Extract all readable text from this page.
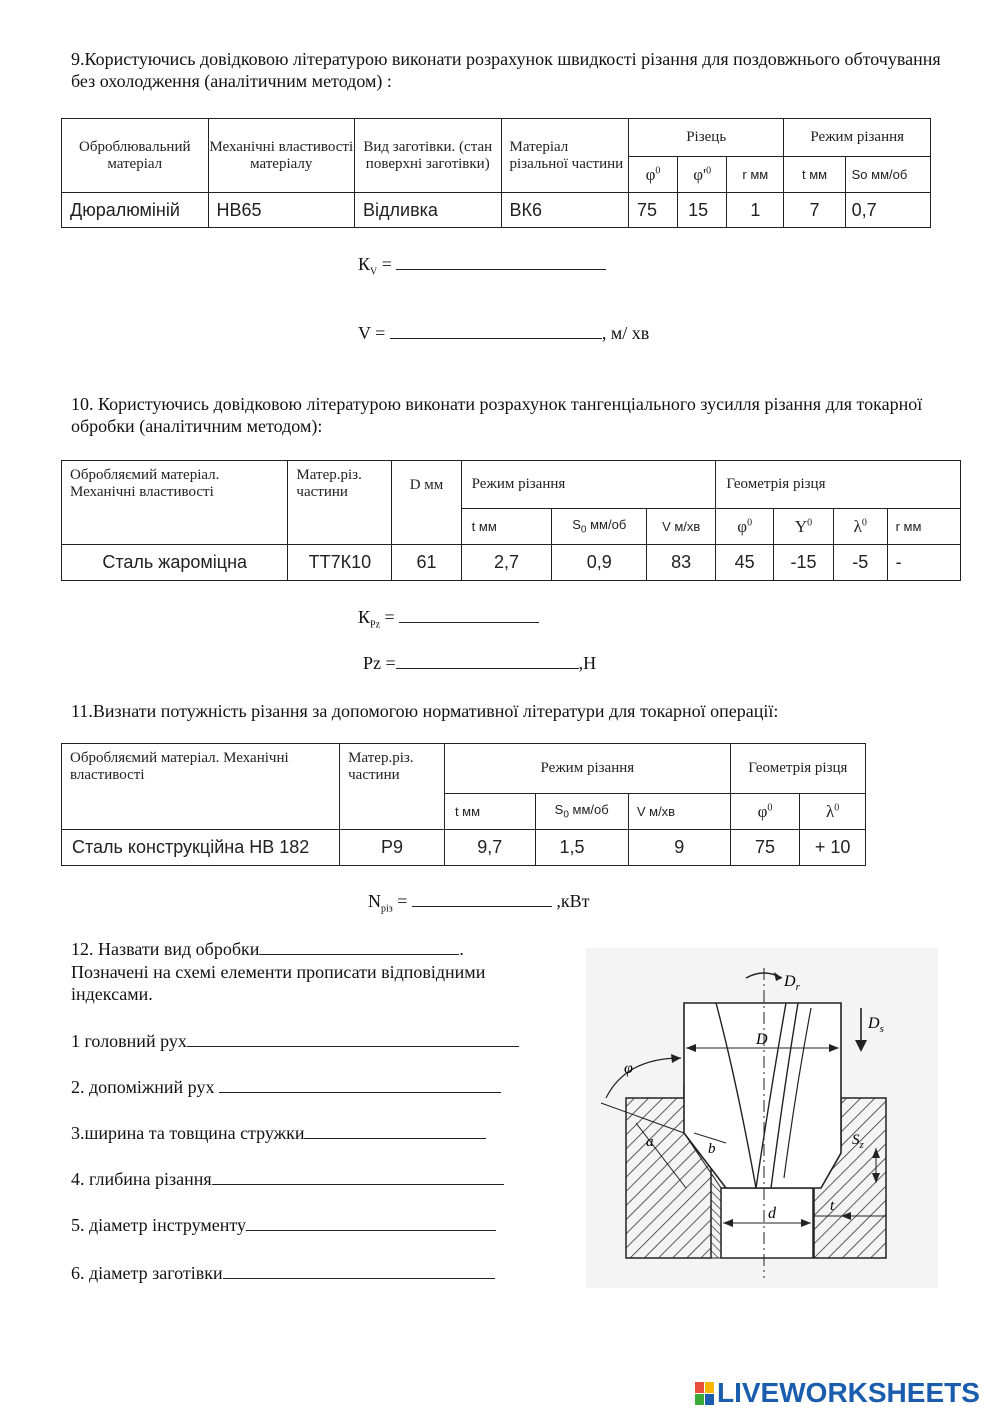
9.Користуючись довідковою літературою виконати розрахунок швидкості різання для поздовжнього обточування без охолодження (аналітичним методом) :
Оброблювальний матеріал	Механічні властивості матеріалу	Вид заготівки. (стан поверхні заготівки)	Матеріал різальної частини	Різець			Режим різання	
				$\varphi^0$	$\varphi'^0$	r мм	t мм	So мм/об
Дюралюміній	HB65	Відливка	ВК6	75	15	1	7	0,7
$К_V$ =
V =	, м/ хв
10. Користуючись довідковою літературою виконати розрахунок тангенціального зусилля різання для токарної обробки (аналітичним методом):
Обробляємий матеріал. Механічні властивості	Матер.різ. частини	D мм	Режим різання			Геометрія різця			
			t мм	$S_0$ мм/об	V м/хв	$\varphi^0$	$Y^0$	$\lambda^0$	r мм
Сталь жароміцна	ТТ7К10	61	2,7	0,9	83	45	-15	-5	-
$К_{Pz}$ =
Pz =	,Н
11.Визнати потужність різання за допомогою нормативної літератури для токарної операції:
Обробляємий матеріал. Механічні властивості	Матер.різ. частини	Режим різання			Геометрія різця	
		t мм	$S_0$ мм/об	V м/хв	$\varphi^0$	$\lambda^0$
Сталь конструкційна НВ 182	Р9	9,7	1,5	9	75	+ 10
$N_{різ}$ =	,кВт
12. Назвати вид обробки	.
Позначені на схемі елементи прописати відповідними індексами.
1 головний рух
2. допоміжний рух
3.ширина та товщина стружки
4. глибина різання
5. діаметр інструменту
6. діаметр заготівки
$D_r$
$D_s$
D
φ
a	b
$S_z$
d	t
LIVEWORKSHEETS
